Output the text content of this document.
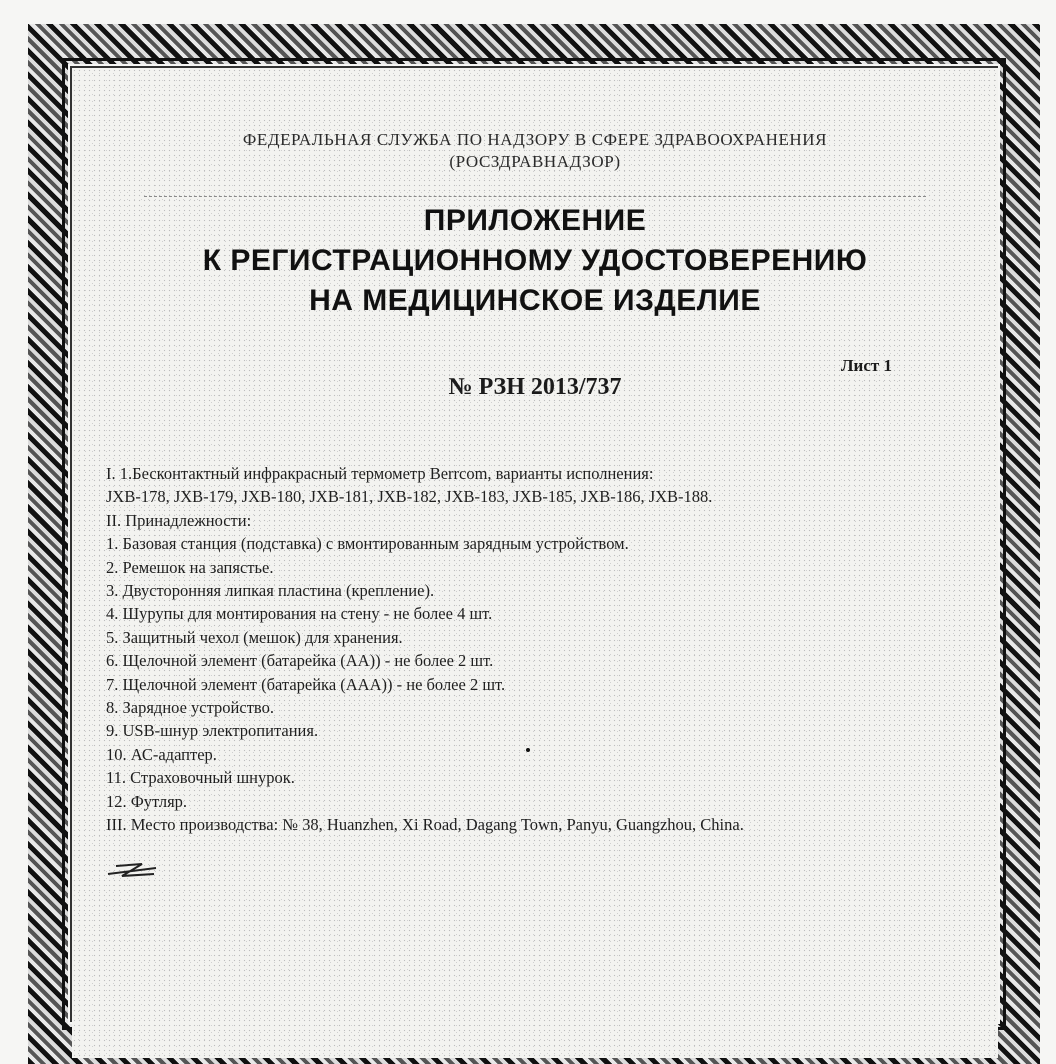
ФЕДЕРАЛЬНАЯ СЛУЖБА ПО НАДЗОРУ В СФЕРЕ ЗДРАВООХРАНЕНИЯ
(РОСЗДРАВНАДЗОР)
ПРИЛОЖЕНИЕ
К РЕГИСТРАЦИОННОМУ УДОСТОВЕРЕНИЮ
НА МЕДИЦИНСКОЕ ИЗДЕЛИЕ
Лист 1
№ РЗН 2013/737
I. 1.Бесконтактный инфракрасный термометр Berrcom, варианты исполнения:
JXB-178, JXB-179, JXB-180, JXB-181, JXB-182, JXB-183, JXB-185, JXB-186, JXB-188.
II. Принадлежности:
1. Базовая станция (подставка) с вмонтированным зарядным устройством.
2. Ремешок на запястье.
3. Двусторонняя липкая пластина (крепление).
4. Шурупы для монтирования на стену - не более 4 шт.
5. Защитный чехол (мешок) для хранения.
6. Щелочной элемент (батарейка (АА)) - не более 2 шт.
7. Щелочной элемент (батарейка (ААА)) - не более 2 шт.
8. Зарядное устройство.
9. USB-шнур электропитания.
10. АС-адаптер.
11. Страховочный шнурок.
12. Футляр.
III. Место производства: № 38, Huanzhen, Xi Road, Dagang Town, Panyu, Guangzhou, China.
